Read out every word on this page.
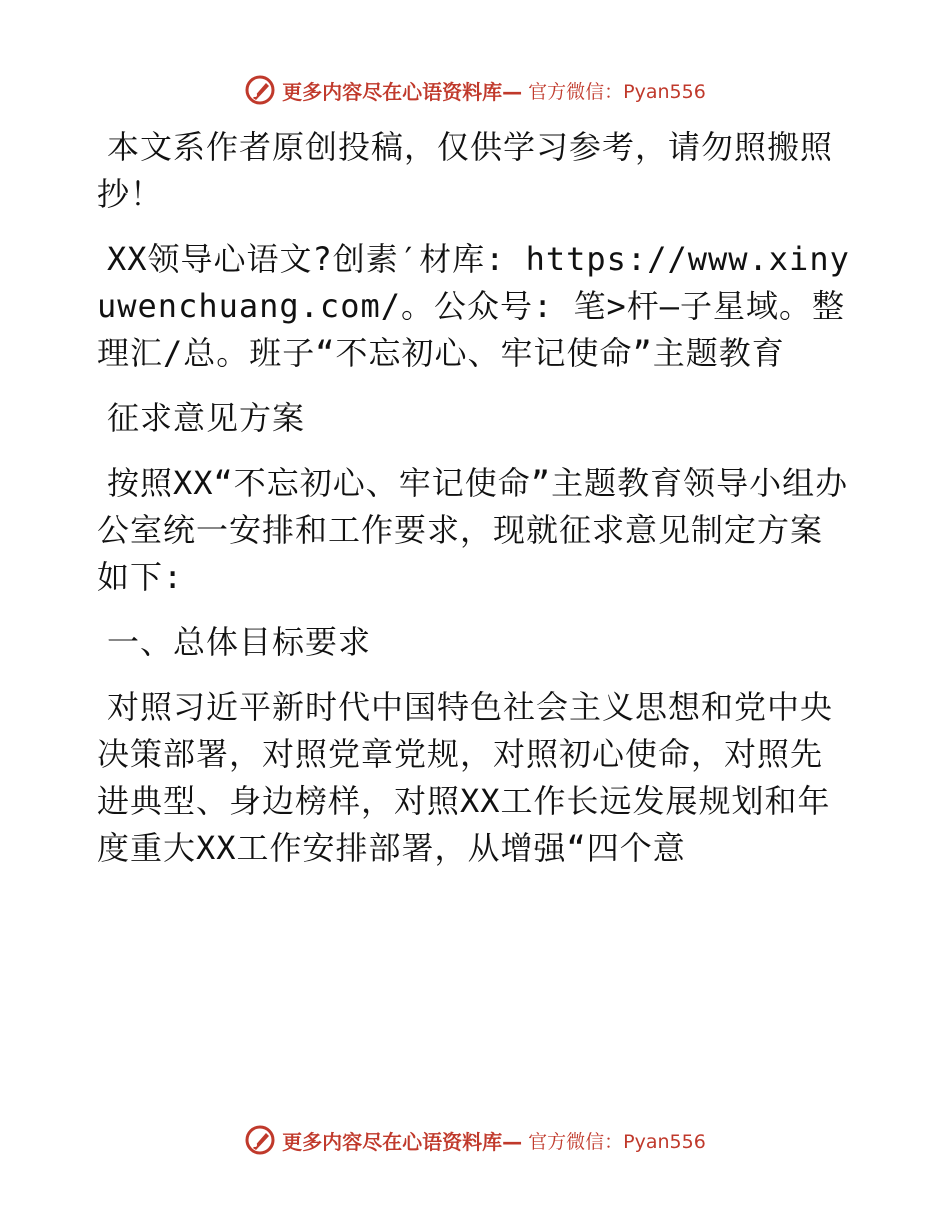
更多内容尽在心语资料库— 官方微信：Pyan556

本文系作者原创投稿，仅供学习参考，请勿照搬照抄！

XX领导心语文?创素′材库: https://www.xinyuwenchuang.com/。公众号: 笔>杆—子星域。整理汇/总。班子“不忘初心、牢记使命”主题教育

征求意见方案

按照XX“不忘初心、牢记使命”主题教育领导小组办公室统一安排和工作要求，现就征求意见制定方案如下:

一、总体目标要求

对照习近平新时代中国特色社会主义思想和党中央决策部署，对照党章党规，对照初心使命，对照先进典型、身边榜样，对照XX工作长远发展规划和年度重大XX工作安排部署，从增强“四个意

更多内容尽在心语资料库— 官方微信：Pyan556
